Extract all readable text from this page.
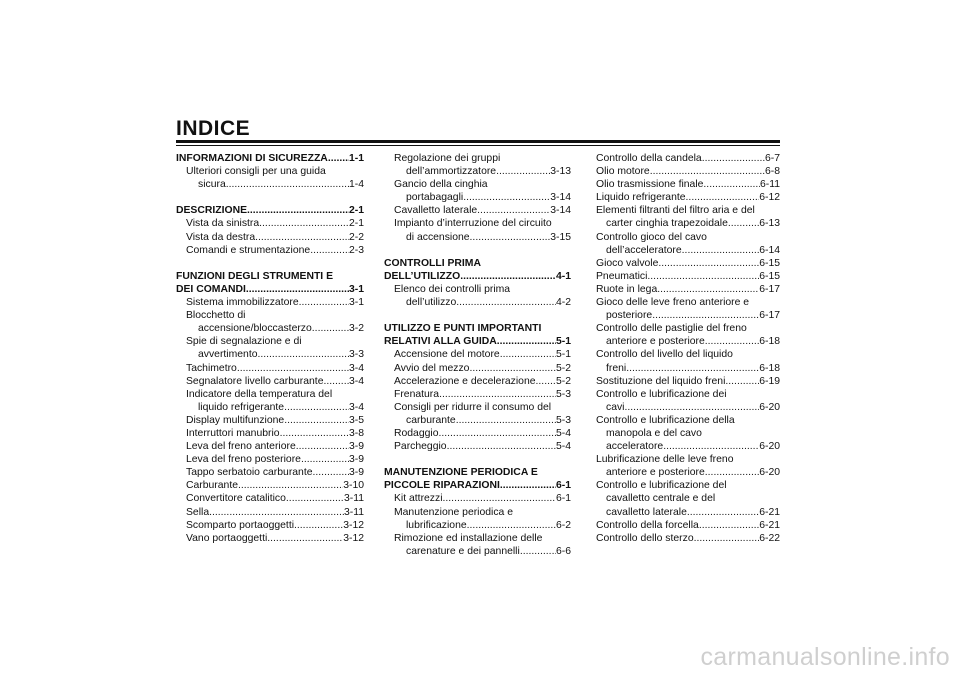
INDICE
INFORMAZIONI DI SICUREZZA ..... 1-1
Ulteriori consigli per una guida
sicura .....	1-4
DESCRIZIONE .....	2-1
Vista da sinistra .....	2-1
Vista da destra .....	2-2
Comandi e strumentazione .....	2-3
FUNZIONI DEGLI STRUMENTI E
DEI COMANDI .....	3-1
Sistema immobilizzatore .....	3-1
Blocchetto di
accensione/bloccasterzo .....	3-2
Spie di segnalazione e di
avvertimento .....	3-3
Tachimetro .....	3-4
Segnalatore livello carburante ..... 3-4
Indicatore della temperatura del
liquido refrigerante .....	3-4
Display multifunzione .....	3-5
Interruttori manubrio .....	3-8
Leva del freno anteriore .....	3-9
Leva del freno posteriore .....	3-9
Tappo serbatoio carburante .....	3-9
Carburante .....	3-10
Convertitore catalitico .....	3-11
Sella .....	3-11
Scomparto portaoggetti .....	3-12
Vano portaoggetti .....	3-12
Regolazione dei gruppi
dell’ammortizzatore .....	3-13
Gancio della cinghia
portabagagli .....	3-14
Cavalletto laterale .....	3-14
Impianto d’interruzione del circuito
di accensione .....	3-15
CONTROLLI PRIMA
DELL’UTILIZZO .....	4-1
Elenco dei controlli prima
dell’utilizzo .....	4-2
UTILIZZO E PUNTI IMPORTANTI
RELATIVI ALLA GUIDA .....	5-1
Accensione del motore .....	5-1
Avvio del mezzo .....	5-2
Accelerazione e decelerazione ..... 5-2
Frenatura .....	5-3
Consigli per ridurre il consumo del
carburante .....	5-3
Rodaggio .....	5-4
Parcheggio .....	5-4
MANUTENZIONE PERIODICA E
PICCOLE RIPARAZIONI .....	6-1
Kit attrezzi .....	6-1
Manutenzione periodica e
lubrificazione .....	6-2
Rimozione ed installazione delle
carenature e dei pannelli .....	6-6
Controllo della candela .....	6-7
Olio motore .....	6-8
Olio trasmissione finale .....	6-11
Liquido refrigerante .....	6-12
Elementi filtranti del filtro aria e del
carter cinghia trapezoidale .....	6-13
Controllo gioco del cavo
dell’acceleratore .....	6-14
Gioco valvole .....	6-15
Pneumatici .....	6-15
Ruote in lega .....	6-17
Gioco delle leve freno anteriore e
posteriore .....	6-17
Controllo delle pastiglie del freno
anteriore e posteriore .....	6-18
Controllo del livello del liquido
freni .....	6-18
Sostituzione del liquido freni .....	6-19
Controllo e lubrificazione dei
cavi .....	6-20
Controllo e lubrificazione della
manopola e del cavo
acceleratore .....	6-20
Lubrificazione delle leve freno
anteriore e posteriore .....	6-20
Controllo e lubrificazione del
cavalletto centrale e del
cavalletto laterale .....	6-21
Controllo della forcella .....	6-21
Controllo dello sterzo .....	6-22
carmanualsonline.info
